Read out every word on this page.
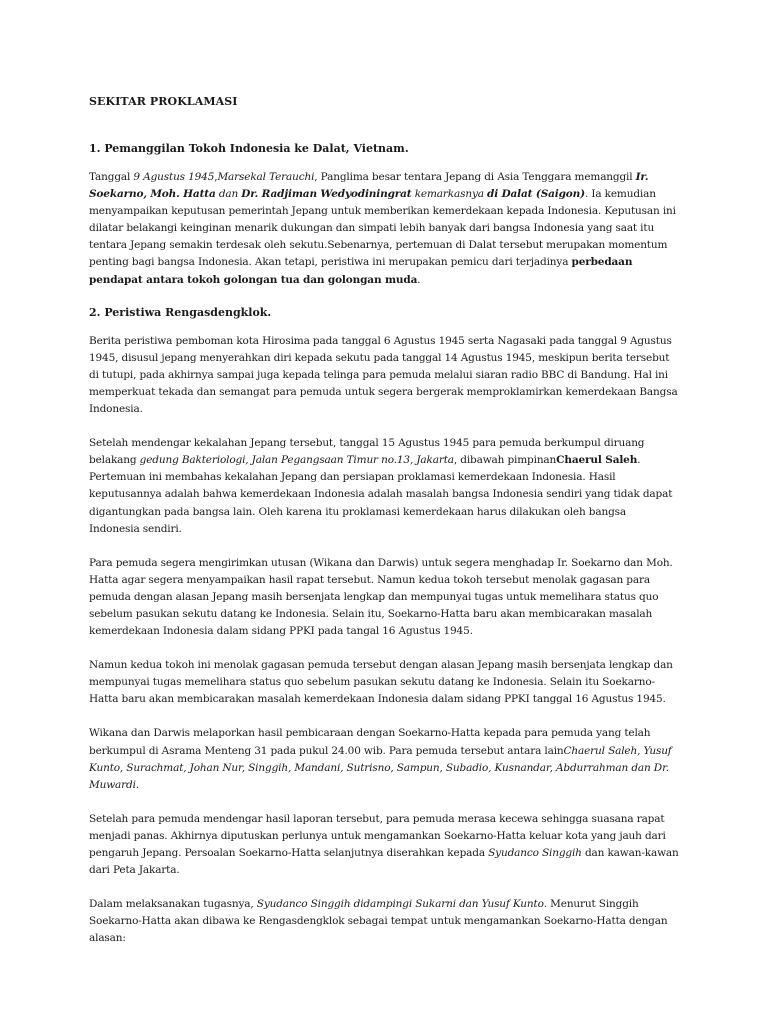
SEKITAR PROKLAMASI
1. Pemanggilan Tokoh Indonesia ke Dalat, Vietnam.
Tanggal 9 Agustus 1945,Marsekal Terauchi, Panglima besar tentara Jepang di Asia Tenggara memanggil Ir. Soekarno, Moh. Hatta dan Dr. Radjiman Wedyodiningrat kemarkasnya di Dalat (Saigon). Ia kemudian menyampaikan keputusan pemerintah Jepang untuk memberikan kemerdekaan kepada Indonesia. Keputusan ini dilatar belakangi keinginan menarik dukungan dan simpati lebih banyak dari bangsa Indonesia yang saat itu tentara Jepang semakin terdesak oleh sekutu.Sebenarnya, pertemuan di Dalat tersebut merupakan momentum penting bagi bangsa Indonesia. Akan tetapi, peristiwa ini merupakan pemicu dari terjadinya perbedaan pendapat antara tokoh golongan tua dan golongan muda.
2. Peristiwa Rengasdengklok.
Berita peristiwa pemboman kota Hirosima pada tanggal 6 Agustus 1945 serta Nagasaki pada tanggal 9 Agustus 1945, disusul jepang menyerahkan diri kepada sekutu pada tanggal 14 Agustus 1945, meskipun berita tersebut di tutupi, pada akhirnya sampai juga kepada telinga para pemuda melalui siaran radio BBC di Bandung. Hal ini memperkuat tekada dan semangat para pemuda untuk segera bergerak memproklamirkan kemerdekaan Bangsa Indonesia.
Setelah mendengar kekalahan Jepang tersebut, tanggal 15 Agustus 1945 para pemuda berkumpul diruang belakang gedung Bakteriologi, Jalan Pegangsaan Timur no.13, Jakarta, dibawah pimpinanChaerul Saleh. Pertemuan ini membahas kekalahan Jepang dan persiapan proklamasi kemerdekaan Indonesia. Hasil keputusannya adalah bahwa kemerdekaan Indonesia adalah masalah bangsa Indonesia sendiri yang tidak dapat digantungkan pada bangsa lain. Oleh karena itu proklamasi kemerdekaan harus dilakukan oleh bangsa Indonesia sendiri.
Para pemuda segera mengirimkan utusan (Wikana dan Darwis) untuk segera menghadap Ir. Soekarno dan Moh. Hatta agar segera menyampaikan hasil rapat tersebut. Namun kedua tokoh tersebut menolak gagasan para pemuda dengan alasan Jepang masih bersenjata lengkap dan mempunyai tugas untuk memelihara status quo sebelum pasukan sekutu datang ke Indonesia. Selain itu, Soekarno-Hatta baru akan membicarakan masalah kemerdekaan Indonesia dalam sidang PPKI pada tangal 16 Agustus 1945.
Namun kedua tokoh ini menolak gagasan pemuda tersebut dengan alasan Jepang masih bersenjata lengkap dan mempunyai tugas memelihara status quo sebelum pasukan sekutu datang ke Indonesia. Selain itu Soekarno-Hatta baru akan membicarakan masalah kemerdekaan Indonesia dalam sidang PPKI tanggal 16 Agustus 1945.
Wikana dan Darwis melaporkan hasil pembicaraan dengan Soekarno-Hatta kepada para pemuda yang telah berkumpul di Asrama Menteng 31 pada pukul 24.00 wib. Para pemuda tersebut antara lainChaerul Saleh, Yusuf Kunto, Surachmat, Johan Nur, Singgih, Mandani, Sutrisno, Sampun, Subadio, Kusnandar, Abdurrahman dan Dr. Muwardi.
Setelah para pemuda mendengar hasil laporan tersebut, para pemuda merasa kecewa sehingga suasana rapat menjadi panas. Akhirnya diputuskan perlunya untuk mengamankan Soekarno-Hatta keluar kota yang jauh dari pengaruh Jepang. Persoalan Soekarno-Hatta selanjutnya diserahkan kepada Syudanco Singgih dan kawan-kawan dari Peta Jakarta.
Dalam melaksanakan tugasnya, Syudanco Singgih didampingi Sukarni dan Yusuf Kunto. Menurut Singgih Soekarno-Hatta akan dibawa ke Rengasdengklok sebagai tempat untuk mengamankan Soekarno-Hatta dengan alasan:
